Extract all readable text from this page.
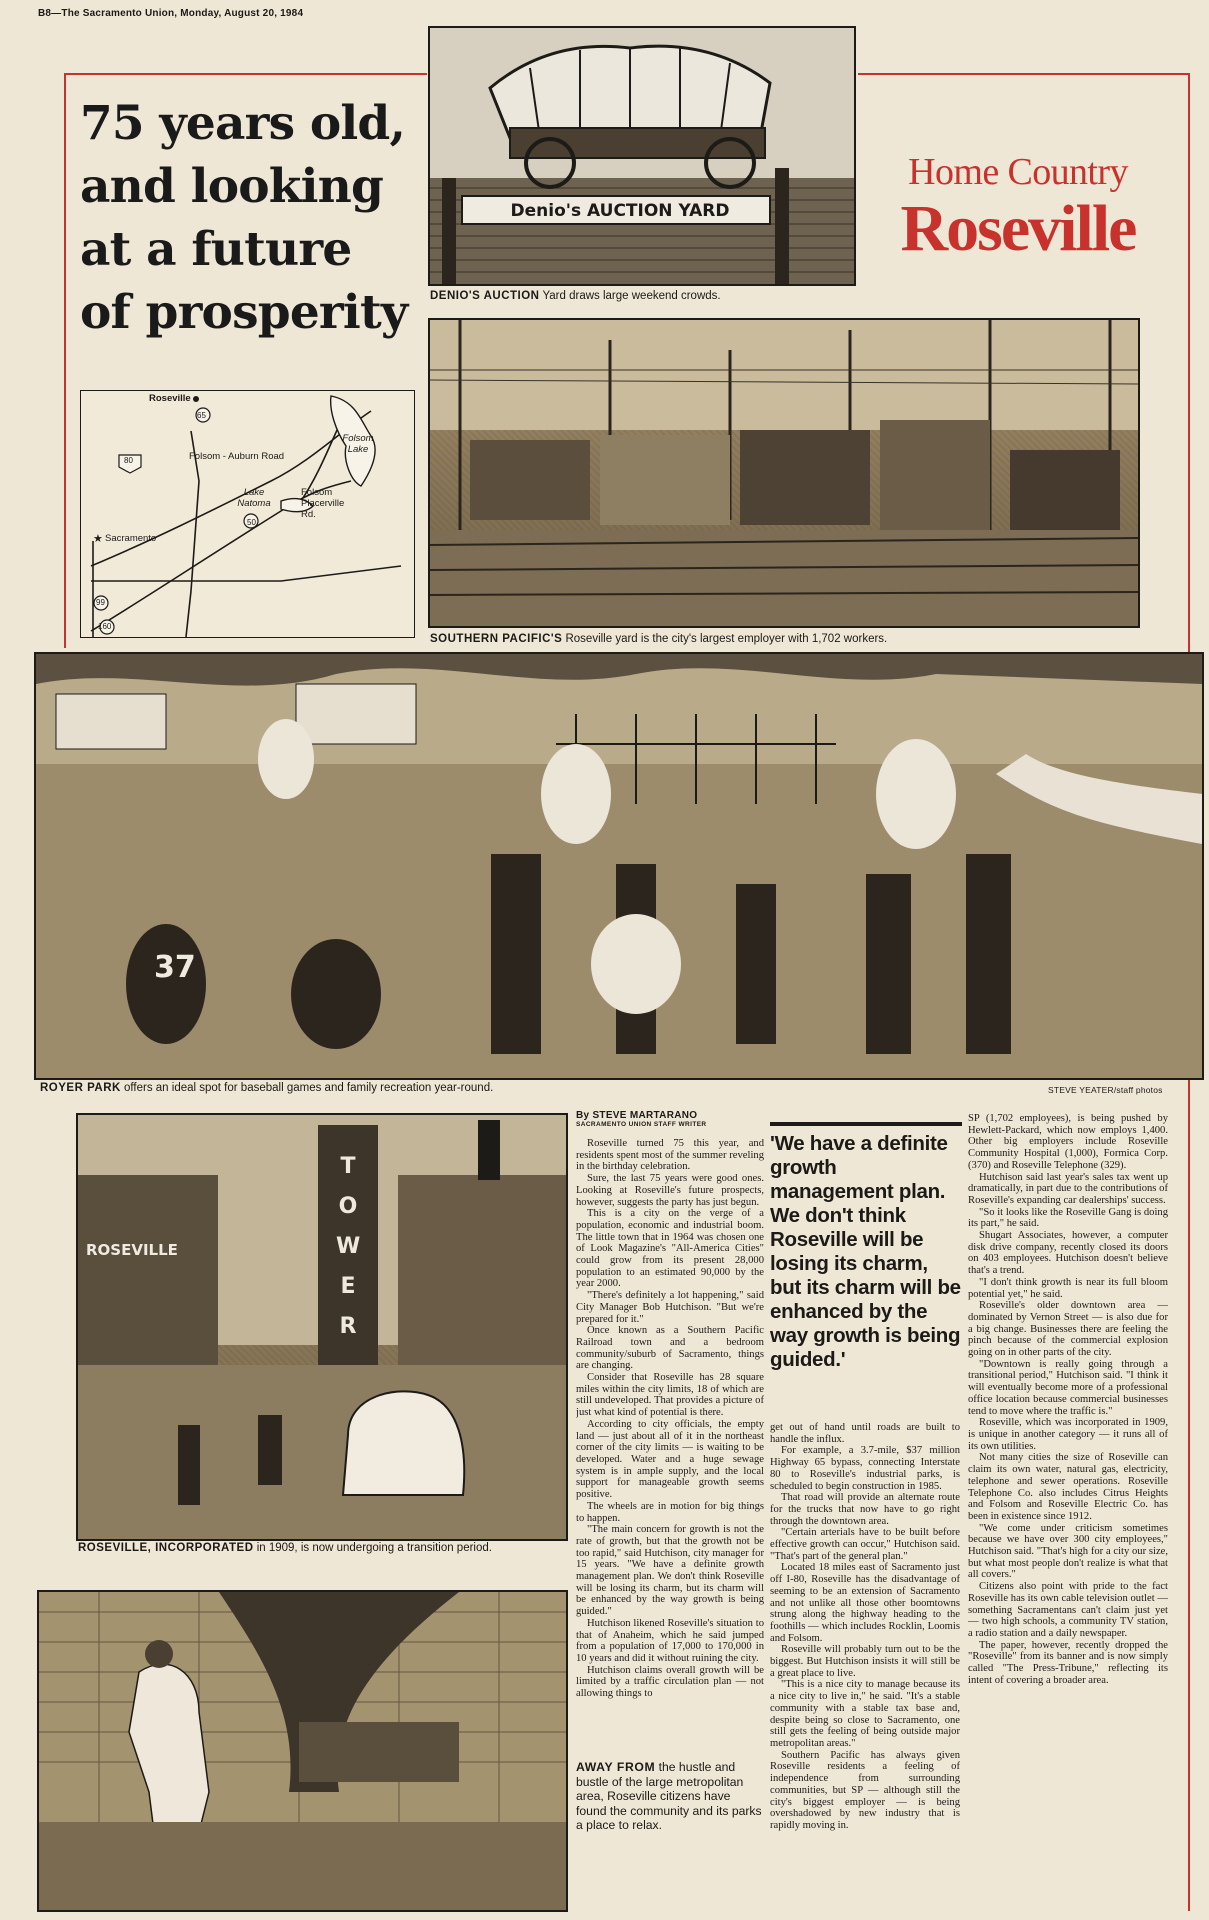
B8—The Sacramento Union, Monday, August 20, 1984
75 years old,
and looking
at a future
of prosperity
Home Country
Roseville
Denio's AUCTION YARD
DENIO'S AUCTION Yard draws large weekend crowds.
★
Roseville
65
80
Folsom Lake
Folsom - Auburn Road
Lake Natoma
Folsom Placerville Rd.
50
Sacramento
99
160
SOUTHERN PACIFIC'S Roseville yard is the city's largest employer with 1,702 workers.
37
ROYER PARK offers an ideal spot for baseball games and family recreation year-round.	STEVE YEATER/staff photos
TOWER
ROSEVILLE
ROSEVILLE, INCORPORATED in 1909, is now undergoing a transition period.
By STEVE MARTARANO
SACRAMENTO UNION STAFF WRITER

Roseville turned 75 this year, and residents spent most of the summer reveling in the birthday celebration.

Sure, the last 75 years were good ones. Looking at Roseville's future prospects, however, suggests the party has just begun.

This is a city on the verge of a population, economic and industrial boom. The little town that in 1964 was chosen one of Look Magazine's "All-America Cities" could grow from its present 28,000 population to an estimated 90,000 by the year 2000.

"There's definitely a lot happening," said City Manager Bob Hutchison. "But we're prepared for it."

Once known as a Southern Pacific Railroad town and a bedroom community/suburb of Sacramento, things are changing.

Consider that Roseville has 28 square miles within the city limits, 18 of which are still undeveloped. That provides a picture of just what kind of potential is there.

According to city officials, the empty land — just about all of it in the northeast corner of the city limits — is waiting to be developed. Water and a huge sewage system is in ample supply, and the local support for manageable growth seems positive.

The wheels are in motion for big things to happen.

"The main concern for growth is not the rate of growth, but that the growth not be too rapid," said Hutchison, city manager for 15 years. "We have a definite growth management plan. We don't think Roseville will be losing its charm, but its charm will be enhanced by the way growth is being guided."

Hutchison likened Roseville's situation to that of Anaheim, which he said jumped from a population of 17,000 to 170,000 in 10 years and did it without ruining the city.

Hutchison claims overall growth will be limited by a traffic circulation plan — not allowing things to

AWAY FROM the hustle and bustle of the large metropolitan area, Roseville citizens have found the community and its parks a place to relax.
'We have a definite growth management plan. We don't think Roseville will be losing its charm, but its charm will be enhanced by the way growth is being guided.'

get out of hand until roads are built to handle the influx.

For example, a 3.7-mile, $37 million Highway 65 bypass, connecting Interstate 80 to Roseville's industrial parks, is scheduled to begin construction in 1985.

That road will provide an alternate route for the trucks that now have to go right through the downtown area.

"Certain arterials have to be built before effective growth can occur," Hutchison said. "That's part of the general plan."

Located 18 miles east of Sacramento just off I-80, Roseville has the disadvantage of seeming to be an extension of Sacramento and not unlike all those other boomtowns strung along the highway heading to the foothills — which includes Rocklin, Loomis and Folsom.

Roseville will probably turn out to be the biggest. But Hutchison insists it will still be a great place to live.

"This is a nice city to manage because its a nice city to live in," he said. "It's a stable community with a stable tax base and, despite being so close to Sacramento, one still gets the feeling of being outside major metropolitan areas."

Southern Pacific has always given Roseville residents a feeling of independence from surrounding communities, but SP — although still the city's biggest employer — is being overshadowed by new industry that is rapidly moving in.

SP (1,702 employees), is being pushed by Hewlett-Packard, which now employs 1,400. Other big employers include Roseville Community Hospital (1,000), Formica Corp. (370) and Roseville Telephone (329).

Hutchison said last year's sales tax went up dramatically, in part due to the contributions of Roseville's expanding car dealerships' success.

"So it looks like the Roseville Gang is doing its part," he said.

Shugart Associates, however, a computer disk drive company, recently closed its doors on 403 employees. Hutchison doesn't believe that's a trend.

"I don't think growth is near its full bloom potential yet," he said.

Roseville's older downtown area — dominated by Vernon Street — is also due for a big change. Businesses there are feeling the pinch because of the commercial explosion going on in other parts of the city.

"Downtown is really going through a transitional period," Hutchison said. "I think it will eventually become more of a professional office location because commercial businesses tend to move where the traffic is."

Roseville, which was incorporated in 1909, is unique in another category — it runs all of its own utilities.

Not many cities the size of Roseville can claim its own water, natural gas, electricity, telephone and sewer operations. Roseville Telephone Co. also includes Citrus Heights and Folsom and Roseville Electric Co. has been in existence since 1912.

"We come under criticism sometimes because we have over 300 city employees," Hutchison said. "That's high for a city our size, but what most people don't realize is what that all covers."

Citizens also point with pride to the fact Roseville has its own cable television outlet — something Sacramentans can't claim just yet — two high schools, a community TV station, a radio station and a daily newspaper.

The paper, however, recently dropped the "Roseville" from its banner and is now simply called "The Press-Tribune," reflecting its intent of covering a broader area.
